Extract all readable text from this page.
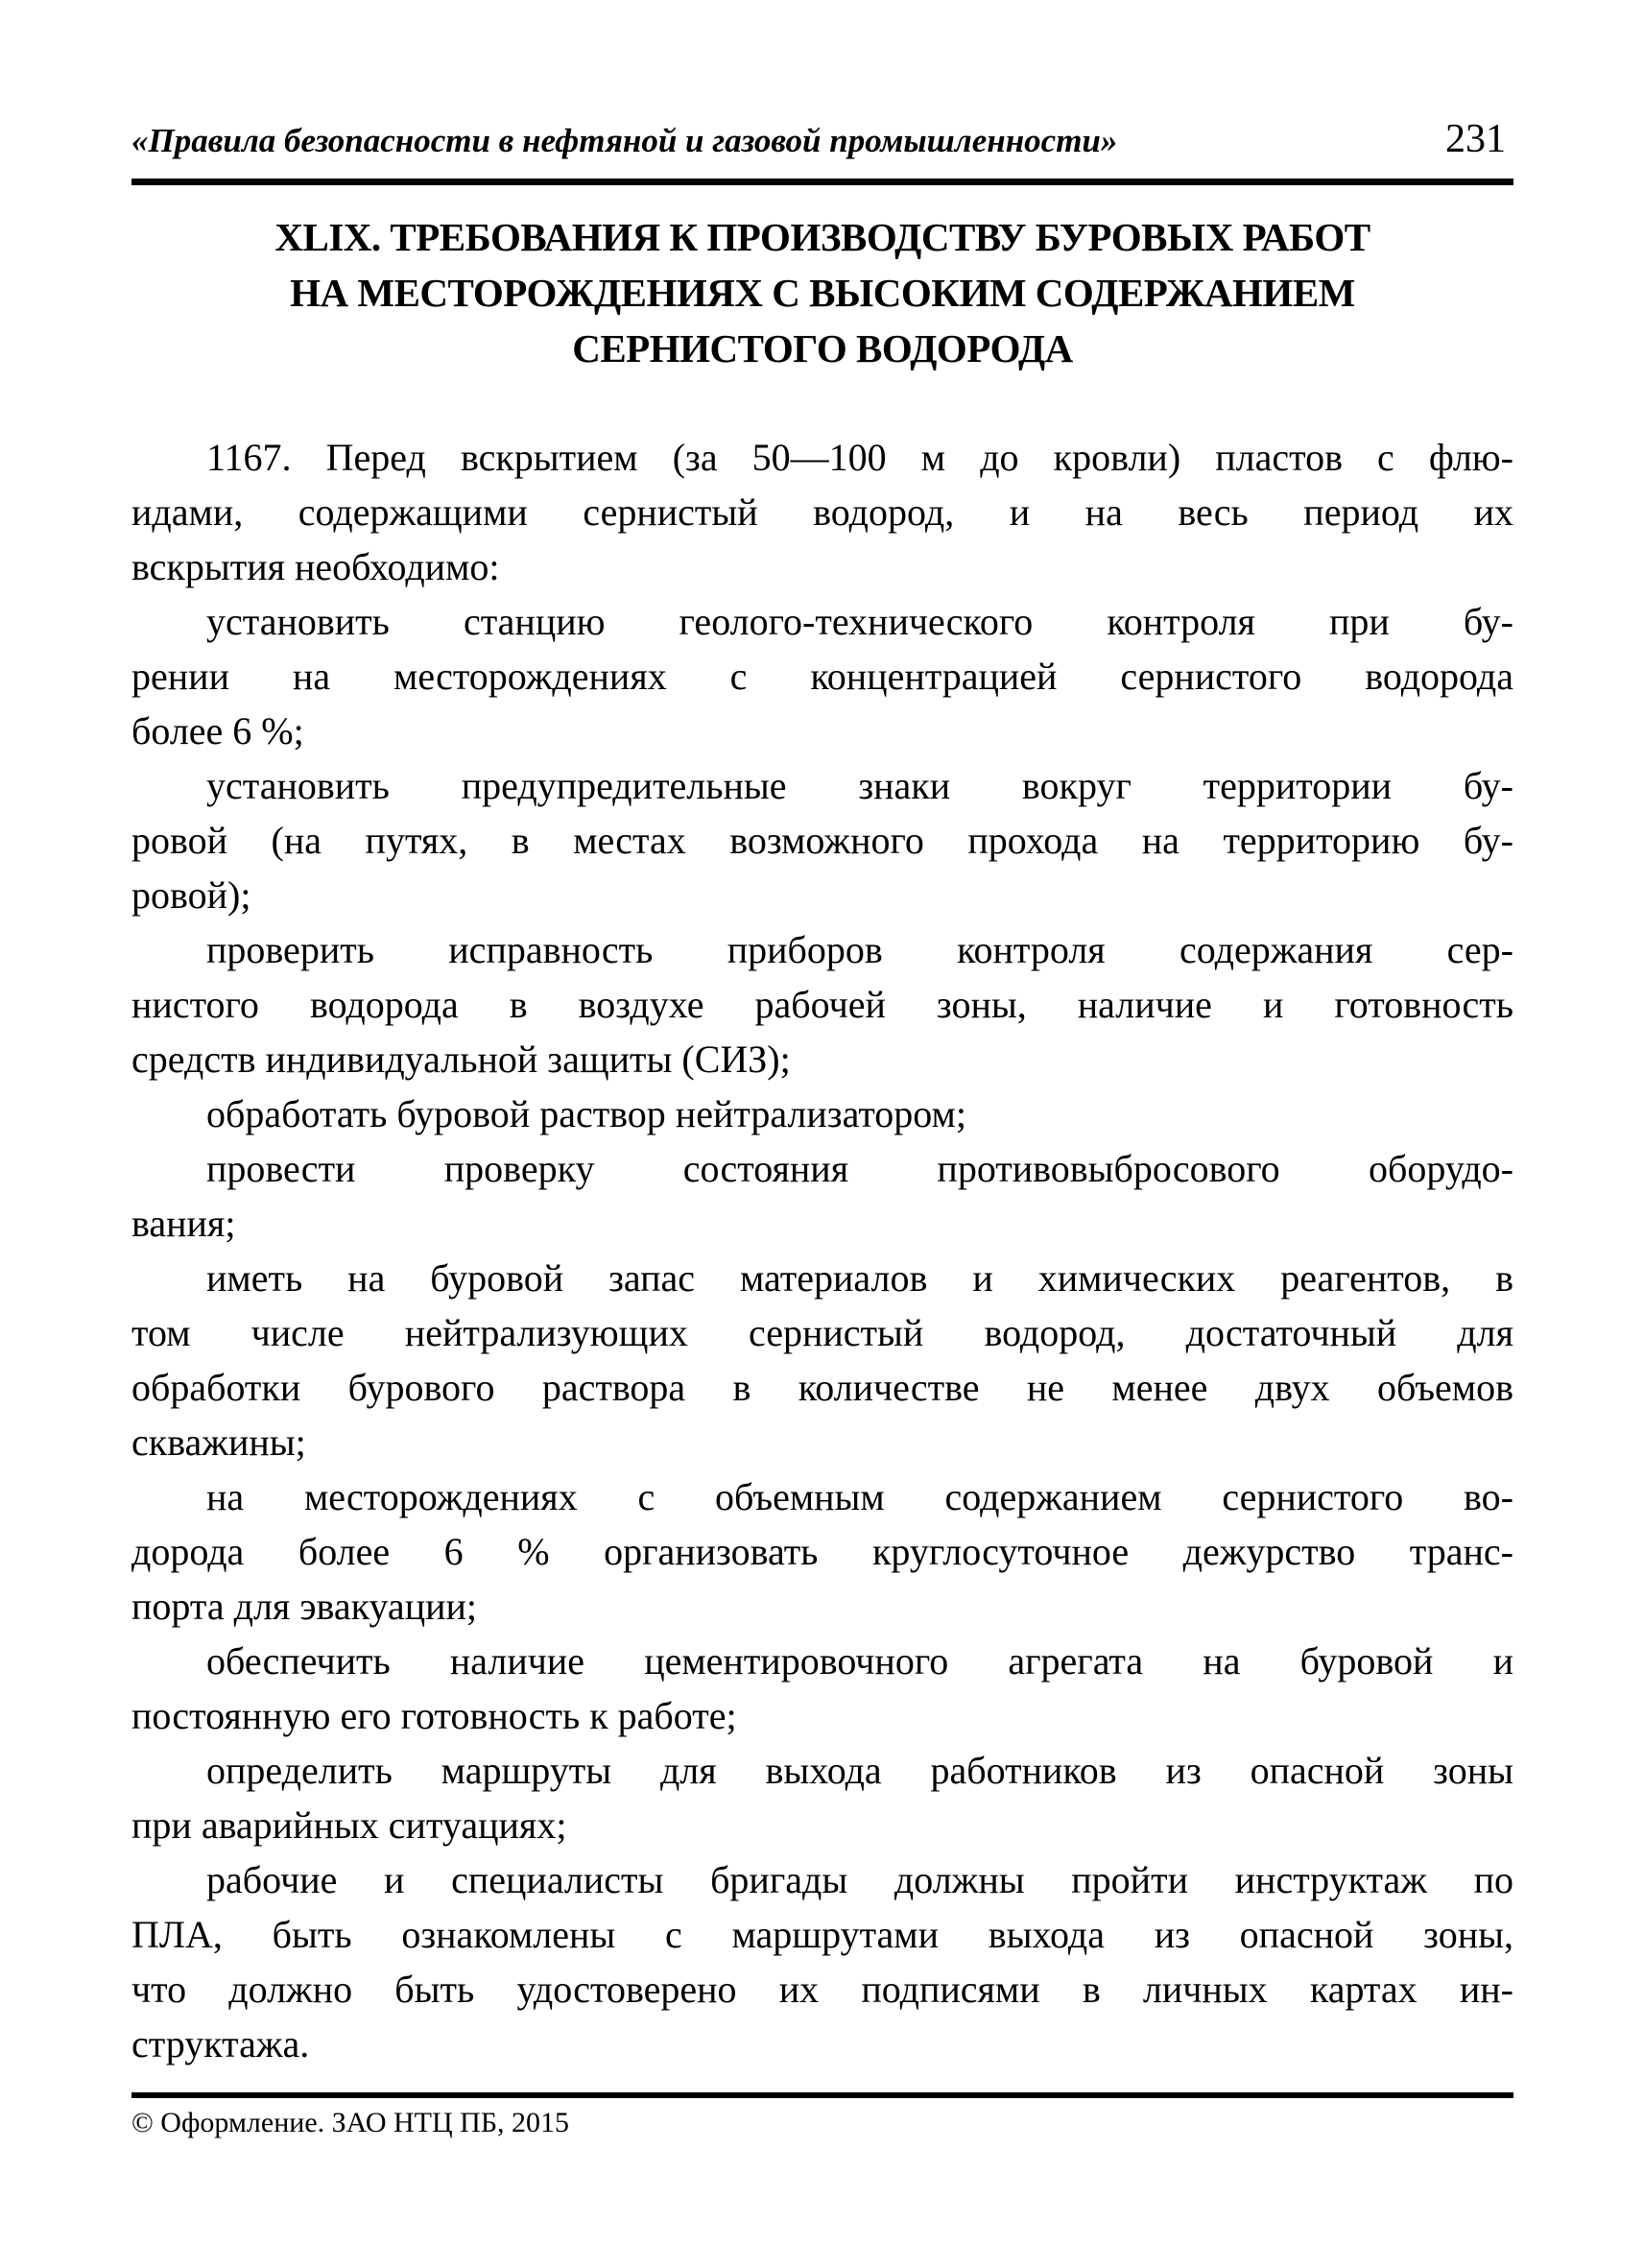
«Правила безопасности в нефтяной и газовой промышленности»	231
XLIX. ТРЕБОВАНИЯ К ПРОИЗВОДСТВУ БУРОВЫХ РАБОТ
НА МЕСТОРОЖДЕНИЯХ С ВЫСОКИМ СОДЕРЖАНИЕМ
СЕРНИСТОГО ВОДОРОДА
1167. Перед вскрытием (за 50—100 м до кровли) пластов с флю-
идами, содержащими сернистый водород, и на весь период их
вскрытия необходимо:
установить станцию геолого-технического контроля при бу-
рении на месторождениях с концентрацией сернистого водорода
более 6 %;
установить предупредительные знаки вокруг территории бу-
ровой (на путях, в местах возможного прохода на территорию бу-
ровой);
проверить исправность приборов контроля содержания сер-
нистого водорода в воздухе рабочей зоны, наличие и готовность
средств индивидуальной защиты (СИЗ);
обработать буровой раствор нейтрализатором;
провести проверку состояния противовыбросового оборудо-
вания;
иметь на буровой запас материалов и химических реагентов, в
том числе нейтрализующих сернистый водород, достаточный для
обработки бурового раствора в количестве не менее двух объемов
скважины;
на месторождениях с объемным содержанием сернистого во-
дорода более 6 % организовать круглосуточное дежурство транс-
порта для эвакуации;
обеспечить наличие цементировочного агрегата на буровой и
постоянную его готовность к работе;
определить маршруты для выхода работников из опасной зоны
при аварийных ситуациях;
рабочие и специалисты бригады должны пройти инструктаж по
ПЛА, быть ознакомлены с маршрутами выхода из опасной зоны,
что должно быть удостоверено их подписями в личных картах ин-
структажа.
© Оформление. ЗАО НТЦ ПБ, 2015
